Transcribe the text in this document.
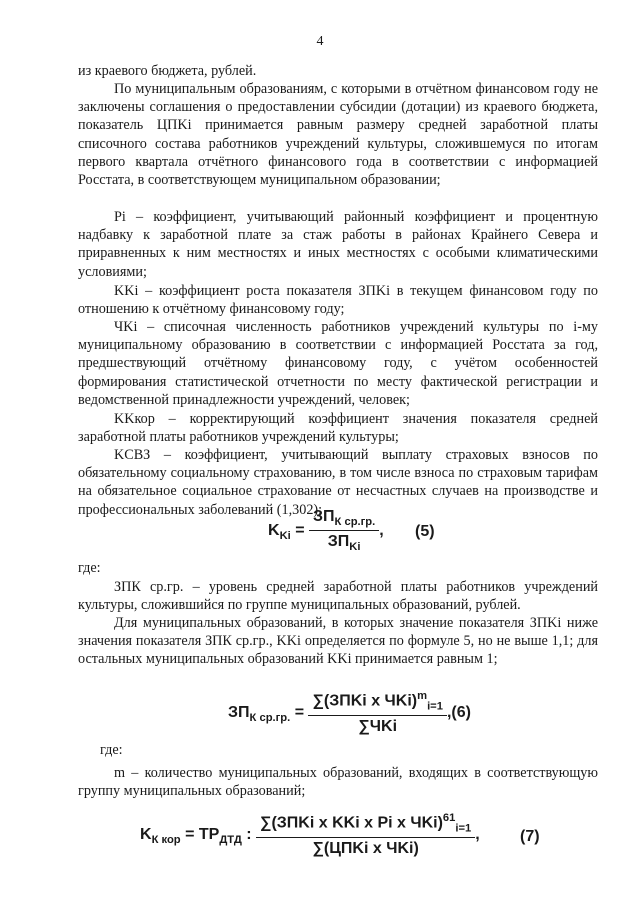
4

из краевого бюджета, рублей.

По муниципальным образованиям, с которыми в отчётном финансовом году не заключены соглашения о предоставлении субсидии (дотации) из краевого бюджета, показатель ЦПKi принимается равным размеру средней заработной платы списочного состава работников учреждений культуры, сложившемуся по итогам первого квартала отчётного финансового года в соответствии с информацией Росстата, в соответствующем муниципальном образовании;

Pi – коэффициент, учитывающий районный коэффициент и процентную надбавку к заработной плате за стаж работы в районах Крайнего Севера и приравненных к ним местностях и иных местностях с особыми климатическими условиями;

KKi – коэффициент роста показателя ЗПKi в текущем финансовом году по отношению к отчётному финансовому году;

ЧKi – списочная численность работников учреждений культуры по i-му муниципальному образованию в соответствии с информацией Росстата за год, предшествующий отчётному финансовому году, с учётом особенностей формирования статистической отчетности по месту фактической регистрации и ведомственной принадлежности учреждений, человек;

KKкор – корректирующий коэффициент значения показателя средней заработной платы работников учреждений культуры;

KСВЗ – коэффициент, учитывающий выплату страховых взносов по обязательному социальному страхованию, в том числе взноса по страховым тарифам на обязательное социальное страхование от несчастных случаев на производстве и профессиональных заболеваний (1,302);

$K_{Ki} = \frac{ЗП_{К ср.гр.}}{ЗП_{Ki}}$ , (5)
где:

ЗПК ср.гр. – уровень средней заработной платы работников учреждений культуры, сложившийся по группе муниципальных образований, рублей.

Для муниципальных образований, в которых значение показателя ЗПKi ниже значения показателя ЗПК ср.гр., KKi определяется по формуле 5, но не выше 1,1; для остальных муниципальных образований KKi принимается равным 1;

$ЗП_{К ср.гр.} = \frac{\sum(ЗПKi x ЧKi)^m_{i=1}}{\text{∑ЧKi}} ,(6)$
где:

m – количество муниципальных образований, входящих в соответствующую группу муниципальных образований;

$K_{К кор} = ТР_{ДТД}$ : $\frac{\sum(ЗПKi x KKi x Pi x ЧKi)^{61}_{i=1}}{\text{∑(ЦПKi x ЧKi)}}$ ,	(7)
